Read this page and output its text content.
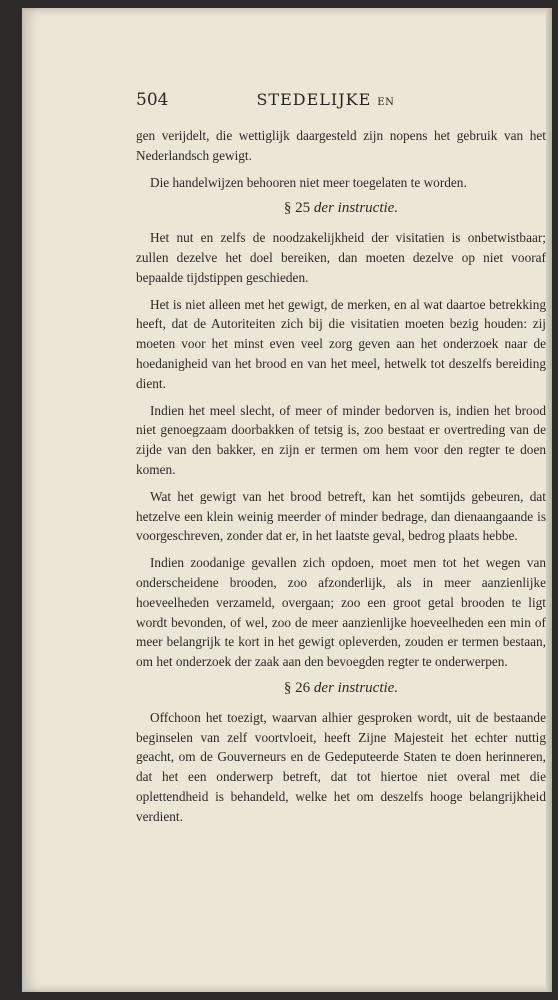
504	STEDELIJKE EN

gen verijdelt, die wettiglijk daargesteld zijn nopens het gebruik van het Nederlandsch gewigt.

Die handelwijzen behooren niet meer toegelaten te worden.

§ 25 der instructie.

Het nut en zelfs de noodzakelijkheid der visitatien is onbetwistbaar; zullen dezelve het doel bereiken, dan moeten dezelve op niet vooraf bepaalde tijdstippen geschieden.

Het is niet alleen met het gewigt, de merken, en al wat daartoe betrekking heeft, dat de Autoriteiten zich bij die visitatien moeten bezig houden: zij moeten voor het minst even veel zorg geven aan het onderzoek naar de hoedanigheid van het brood en van het meel, hetwelk tot deszelfs bereiding dient.

Indien het meel slecht, of meer of minder bedorven is, indien het brood niet genoegzaam doorbakken of tetsig is, zoo bestaat er overtreding van de zijde van den bakker, en zijn er termen om hem voor den regter te doen komen.

Wat het gewigt van het brood betreft, kan het somtijds gebeuren, dat hetzelve een klein weinig meerder of minder bedrage, dan dienaangaande is voorgeschreven, zonder dat er, in het laatste geval, bedrog plaats hebbe.

Indien zoodanige gevallen zich opdoen, moet men tot het wegen van onderscheidene brooden, zoo afzonderlijk, als in meer aanzienlijke hoeveelheden verzameld, overgaan; zoo een groot getal brooden te ligt wordt bevonden, of wel, zoo de meer aanzienlijke hoeveelheden een min of meer belangrijk te kort in het gewigt opleverden, zouden er termen bestaan, om het onderzoek der zaak aan den bevoegden regter te onderwerpen.

§ 26 der instructie.

Offchoon het toezigt, waarvan alhier gesproken wordt, uit de bestaande beginselen van zelf voortvloeit, heeft Zijne Majesteit het echter nuttig geacht, om de Gouverneurs en de Gedeputeerde Staten te doen herinneren, dat het een onderwerp betreft, dat tot hiertoe niet overal met die oplettendheid is behandeld, welke het om deszelfs hooge belangrijkheid verdient.
